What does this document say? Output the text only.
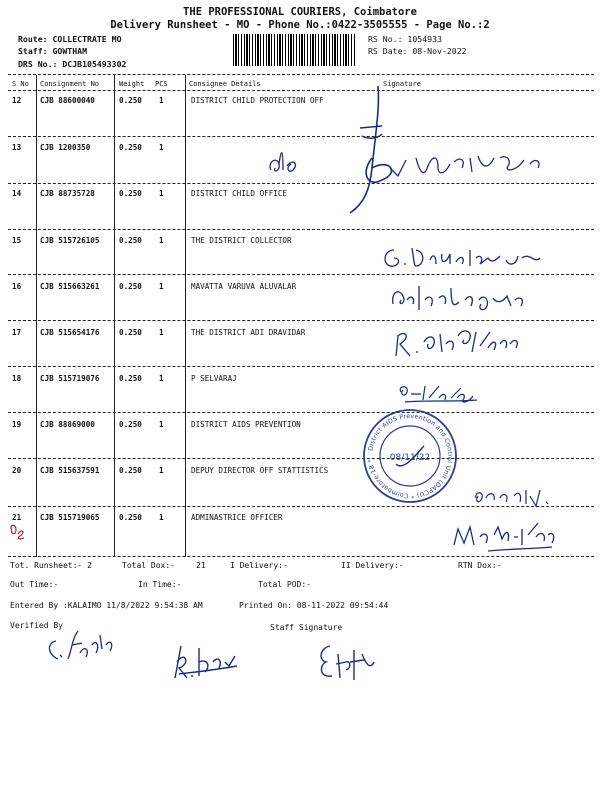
THE PROFESSIONAL COURIERS, Coimbatore
Delivery Runsheet - MO - Phone No.:0422-3505555 - Page No.:2
Route: COLLECTRATE MO
Staff: GOWTHAM
DRS No.: DCJB105493302
RS No.: 1054933
RS Date: 08-Nov-2022
S No Consignment No	Weight PCS	Consignee Details	Signature
12 CJB 88600040	0.250 1	DISTRICT CHILD PROTECTION OFF
13 CJB 1200350	0.250 1
14 CJB 88735728	0.250 1	DISTRICT CHILD OFFICE
15 CJB 515726105	0.250 1	THE DISTRICT COLLECTOR
16 CJB 515663261	0.250 1	MAVATTA VARUVA ALUVALAR
17 CJB 515654176	0.250 1	THE DISTRICT ADI DRAVIDAR
18 CJB 515719076	0.250 1	P SELVARAJ
19 CJB 88869000	0.250 1	DISTRICT AIDS PREVENTION
20 CJB 515637591	0.250 1	DEPUY DIRECTOR OFF STATTISTICS
21 CJB 515719065	0.250 1	ADMINASTRICE OFFICER
District AIDS Prevention and Control Unit (DAPCU) * Coimbatore-18 *	08/11/22
Tot. Runsheet:- 2	Total Dox:-	21	I Delivery:-	II Delivery:-	RTN Dox:-
Out Time:-	In Time:-	Total POD:-
Entered By :KALAIMO 11/8/2022 9:54:38 AM	Printed On: 08-11-2022 09:54:44
Verified By	Staff Signature
